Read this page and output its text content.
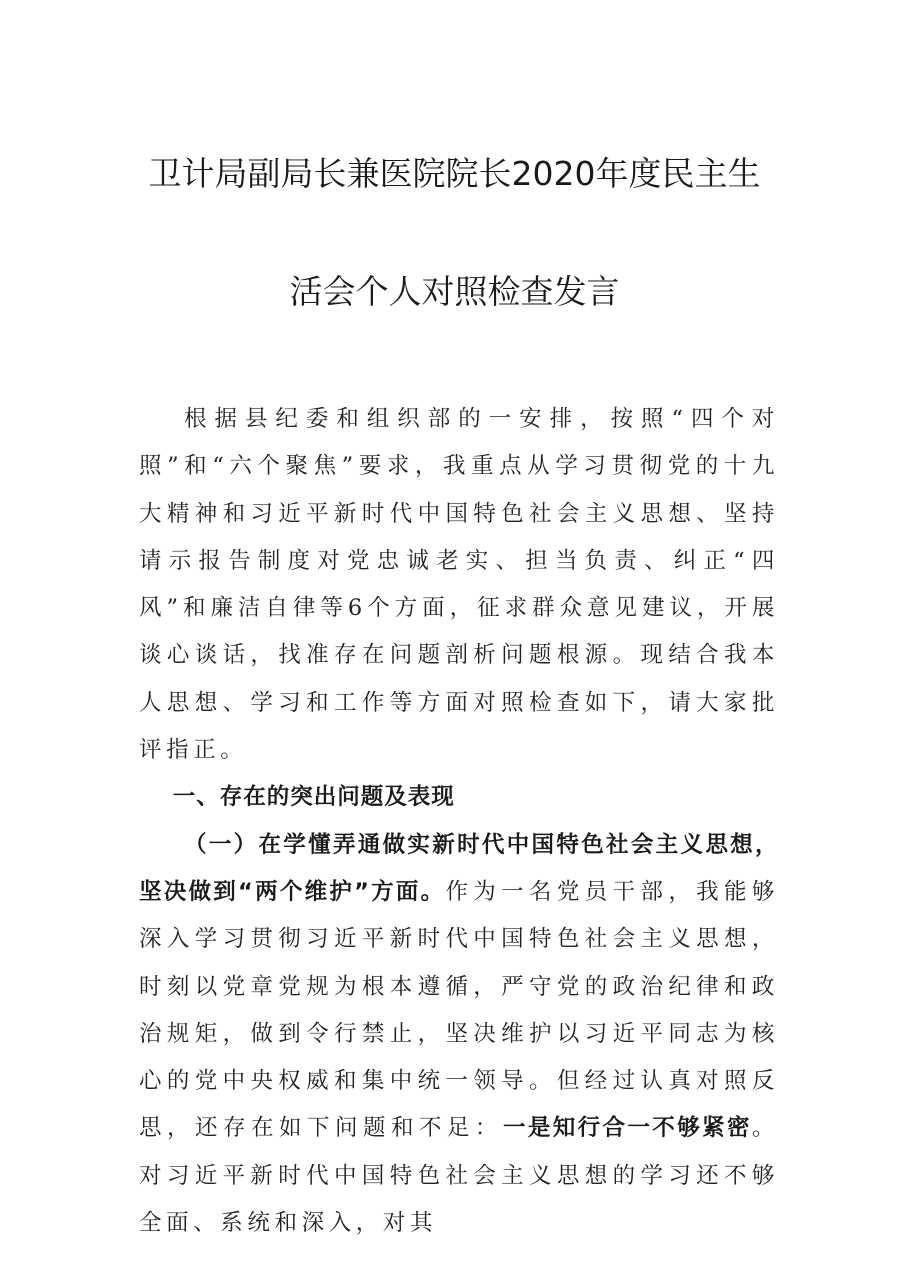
卫计局副局长兼医院院长2020年度民主生
活会个人对照检查发言

根据县纪委和组织部的一安排，按照“四个对照”和“六个聚焦”要求，我重点从学习贯彻党的十九大精神和习近平新时代中国特色社会主义思想、坚持请示报告制度对党忠诚老实、担当负责、纠正“四风”和廉洁自律等6个方面，征求群众意见建议，开展谈心谈话，找准存在问题剖析问题根源。现结合我本人思想、学习和工作等方面对照检查如下，请大家批评指正。

一、存在的突出问题及表现

（一）在学懂弄通做实新时代中国特色社会主义思想，坚决做到“两个维护”方面。作为一名党员干部，我能够深入学习贯彻习近平新时代中国特色社会主义思想，时刻以党章党规为根本遵循，严守党的政治纪律和政治规矩，做到令行禁止，坚决维护以习近平同志为核心的党中央权威和集中统一领导。但经过认真对照反思，还存在如下问题和不足：一是知行合一不够紧密。对习近平新时代中国特色社会主义思想的学习还不够全面、系统和深入，对其
